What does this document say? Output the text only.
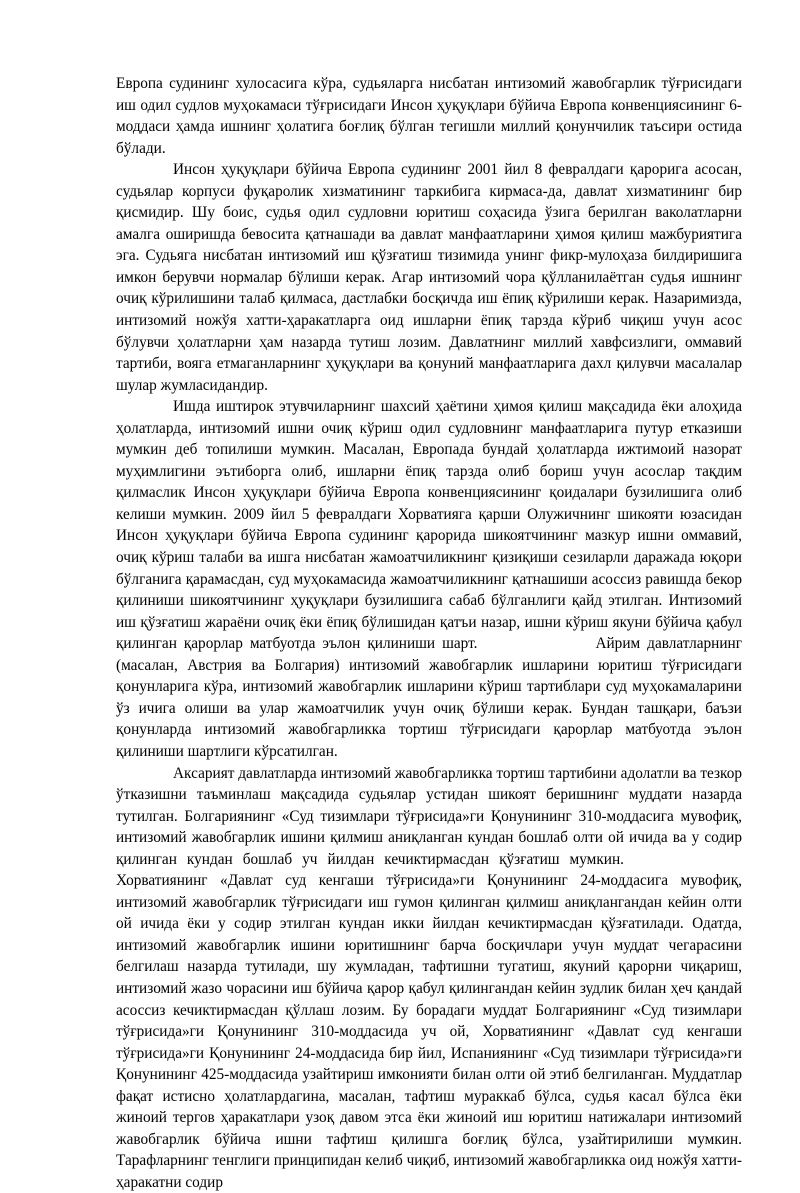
Европа судининг хулосасига кўра, судьяларга нисбатан интизомий жавобгарлик тўғрисидаги иш одил судлов муҳокамаси тўғрисидаги Инсон ҳуқуқлари бўйича Европа конвенциясининг 6-моддаси ҳамда ишнинг ҳолатига боғлиқ бўлган тегишли миллий қонунчилик таъсири остида бўлади.

Инсон ҳуқуқлари бўйича Европа судининг 2001 йил 8 февралдаги қарорига асосан, судьялар корпуси фуқаролик хизматининг таркибига кирмаса-да, давлат хизматининг бир қисмидир. Шу боис, судья одил судловни юритиш соҳасида ўзига берилган ваколатларни амалга оширишда бевосита қатнашади ва давлат манфаатларини ҳимоя қилиш мажбуриятига эга. Судьяга нисбатан интизомий иш қўзғатиш тизимида унинг фикр-мулоҳаза билдиришига имкон берувчи нормалар бўлиши керак. Агар интизомий чора қўлланилаётган судья ишнинг очиқ кўрилишини талаб қилмаса, дастлабки босқичда иш ёпиқ кўрилиши керак. Назаримизда, интизомий ножўя хатти-ҳаракатларга оид ишларни ёпиқ тарзда кўриб чиқиш учун асос бўлувчи ҳолатларни ҳам назарда тутиш лозим. Давлатнинг миллий хавфсизлиги, оммавий тартиби, вояга етмаганларнинг ҳуқуқлари ва қонуний манфаатларига дахл қилувчи масалалар шулар жумласидандир.

Ишда иштирок этувчиларнинг шахсий ҳаётини ҳимоя қилиш мақсадида ёки алоҳида ҳолатларда, интизомий ишни очиқ кўриш одил судловнинг манфаатларига путур етказиши мумкин деб топилиши мумкин. Масалан, Европада бундай ҳолатларда ижтимоий назорат муҳимлигини эътиборга олиб, ишларни ёпиқ тарзда олиб бориш учун асослар тақдим қилмаслик Инсон ҳуқуқлари бўйича Европа конвенциясининг қоидалари бузилишига олиб келиши мумкин. 2009 йил 5 февралдаги Хорватияга қарши Олужичнинг шикояти юзасидан Инсон ҳуқуқлари бўйича Европа судининг қарорида шикоятчининг мазкур ишни оммавий, очиқ кўриш талаби ва ишга нисбатан жамоатчиликнинг қизиқиши сезиларли даражада юқори бўлганига қарамасдан, суд муҳокамасида жамоатчиликнинг қатнашиши асоссиз равишда бекор қилиниши шикоятчининг ҳуқуқлари бузилишига сабаб бўлганлиги қайд этилган. Интизомий иш қўзғатиш жараёни очиқ ёки ёпиқ бўлишидан қатъи назар, ишни кўриш якуни бўйича қабул қилинган қарорлар матбуотда эълон қилиниши шарт.	Айрим давлатларнинг (масалан, Австрия ва Болгария) интизомий жавобгарлик ишларини юритиш тўғрисидаги қонунларига кўра, интизомий жавобгарлик ишларини кўриш тартиблари суд муҳокамаларини ўз ичига олиши ва улар жамоатчилик учун очиқ бўлиши керак. Бундан ташқари, баъзи қонунларда интизомий жавобгарликка тортиш тўғрисидаги қарорлар матбуотда эълон қилиниши шартлиги кўрсатилган.

Аксарият давлатларда интизомий жавобгарликка тортиш тартибини адолатли ва тезкор ўтказишни таъминлаш мақсадида судьялар устидан шикоят беришнинг муддати назарда тутилган. Болгариянинг «Суд тизимлари тўғрисида»ги Қонунининг 310-моддасига мувофиқ, интизомий жавобгарлик ишини қилмиш аниқланган кундан бошлаб олти ой ичида ва у содир қилинган кундан бошлаб уч йилдан кечиктирмасдан қўзғатиш мумкин.Хорватиянинг «Давлат суд кенгаши тўғрисида»ги Қонунининг 24-моддасига мувофиқ, интизомий жавобгарлик тўғрисидаги иш гумон қилинган қилмиш аниқлангандан кейин олти ой ичида ёки у содир этилган кундан икки йилдан кечиктирмасдан қўзғатилади. Одатда, интизомий жавобгарлик ишини юритишнинг барча босқичлари учун муддат чегарасини белгилаш назарда тутилади, шу жумладан, тафтишни тугатиш, якуний қарорни чиқариш, интизомий жазо чорасини иш бўйича қарор қабул қилингандан кейин зудлик билан ҳеч қандай асоссиз кечиктирмасдан қўллаш лозим. Бу борадаги муддат Болгариянинг «Суд тизимлари тўғрисида»ги Қонунининг 310-моддасида уч ой, Хорватиянинг «Давлат суд кенгаши тўғрисида»ги Қонунининг 24-моддасида бир йил, Испаниянинг «Суд тизимлари тўғрисида»ги Қонунининг 425-моддасида узайтириш имконияти билан олти ой этиб белгиланган. Муддатлар фақат истисно ҳолатлардагина, масалан, тафтиш мураккаб бўлса, судья касал бўлса ёки жиноий тергов ҳаракатлари узоқ давом этса ёки жиноий иш юритиш натижалари интизомий жавобгарлик бўйича ишни тафтиш қилишга боғлиқ бўлса, узайтирилиши мумкин. Тарафларнинг тенглиги принципидан келиб чиқиб, интизомий жавобгарликка оид ножўя хатти-ҳаракатни содир
